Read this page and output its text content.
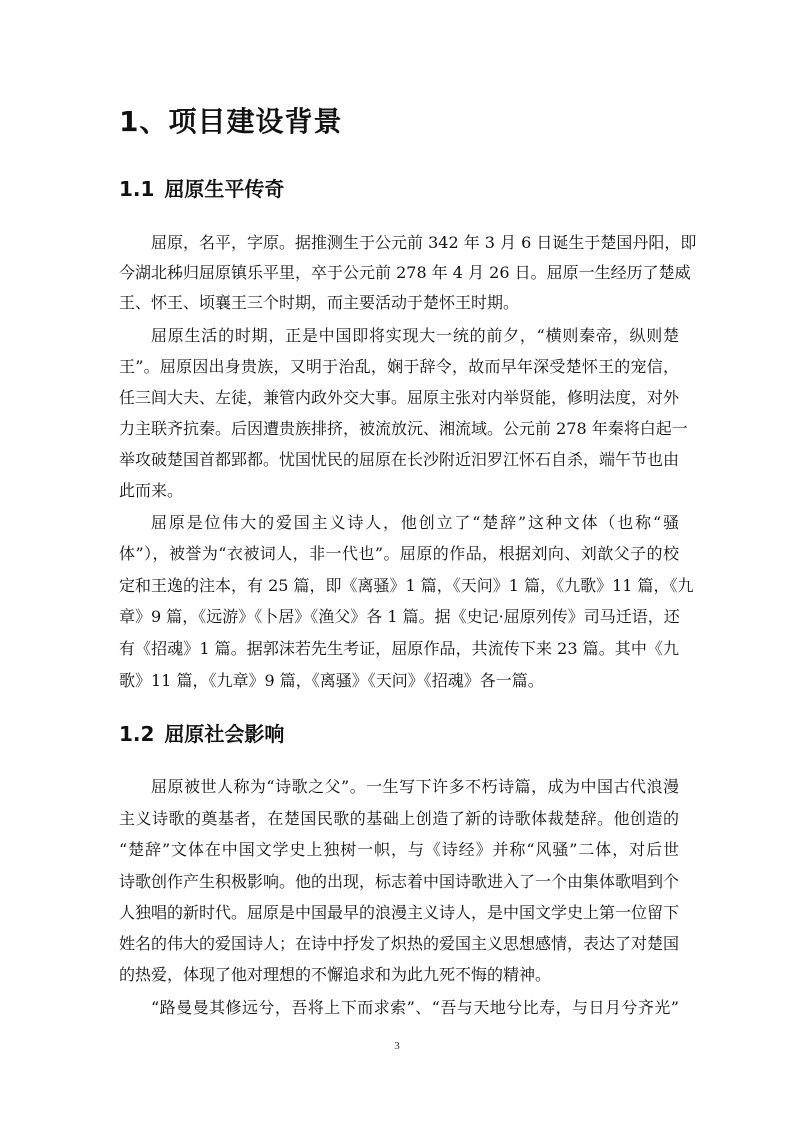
1、项目建设背景
1.1 屈原生平传奇

屈原，名平，字原。据推测生于公元前 342 年 3 月 6 日诞生于楚国丹阳，即

今湖北秭归屈原镇乐平里，卒于公元前 278 年 4 月 26 日。屈原一生经历了楚威

王、怀王、顷襄王三个时期，而主要活动于楚怀王时期。

屈原生活的时期，正是中国即将实现大一统的前夕，“横则秦帝，纵则楚

王”。屈原因出身贵族，又明于治乱，娴于辞令，故而早年深受楚怀王的宠信，

任三闾大夫、左徒，兼管内政外交大事。屈原主张对内举贤能，修明法度，对外

力主联齐抗秦。后因遭贵族排挤，被流放沅、湘流域。公元前 278 年秦将白起一

举攻破楚国首都郢都。忧国忧民的屈原在长沙附近汨罗江怀石自杀，端午节也由

此而来。

屈原是位伟大的爱国主义诗人，他创立了“楚辞”这种文体（也称“骚

体”），被誉为“衣被词人，非一代也”。屈原的作品，根据刘向、刘歆父子的校

定和王逸的注本，有 25 篇，即《离骚》1 篇，《天问》1 篇，《九歌》11 篇，《九

章》9 篇，《远游》《卜居》《渔父》各 1 篇。据《史记·屈原列传》司马迁语，还

有《招魂》1 篇。据郭沫若先生考证，屈原作品，共流传下来 23 篇。其中《九

歌》11 篇，《九章》9 篇，《离骚》《天问》《招魂》各一篇。

1.2 屈原社会影响

屈原被世人称为“诗歌之父”。一生写下许多不朽诗篇，成为中国古代浪漫

主义诗歌的奠基者，在楚国民歌的基础上创造了新的诗歌体裁楚辞。他创造的

“楚辞”文体在中国文学史上独树一帜，与《诗经》并称“风骚”二体，对后世

诗歌创作产生积极影响。他的出现，标志着中国诗歌进入了一个由集体歌唱到个

人独唱的新时代。屈原是中国最早的浪漫主义诗人，是中国文学史上第一位留下

姓名的伟大的爱国诗人；在诗中抒发了炽热的爱国主义思想感情，表达了对楚国

的热爱，体现了他对理想的不懈追求和为此九死不悔的精神。

“路曼曼其修远兮，吾将上下而求索”、“吾与天地兮比寿，与日月兮齐光”

3
